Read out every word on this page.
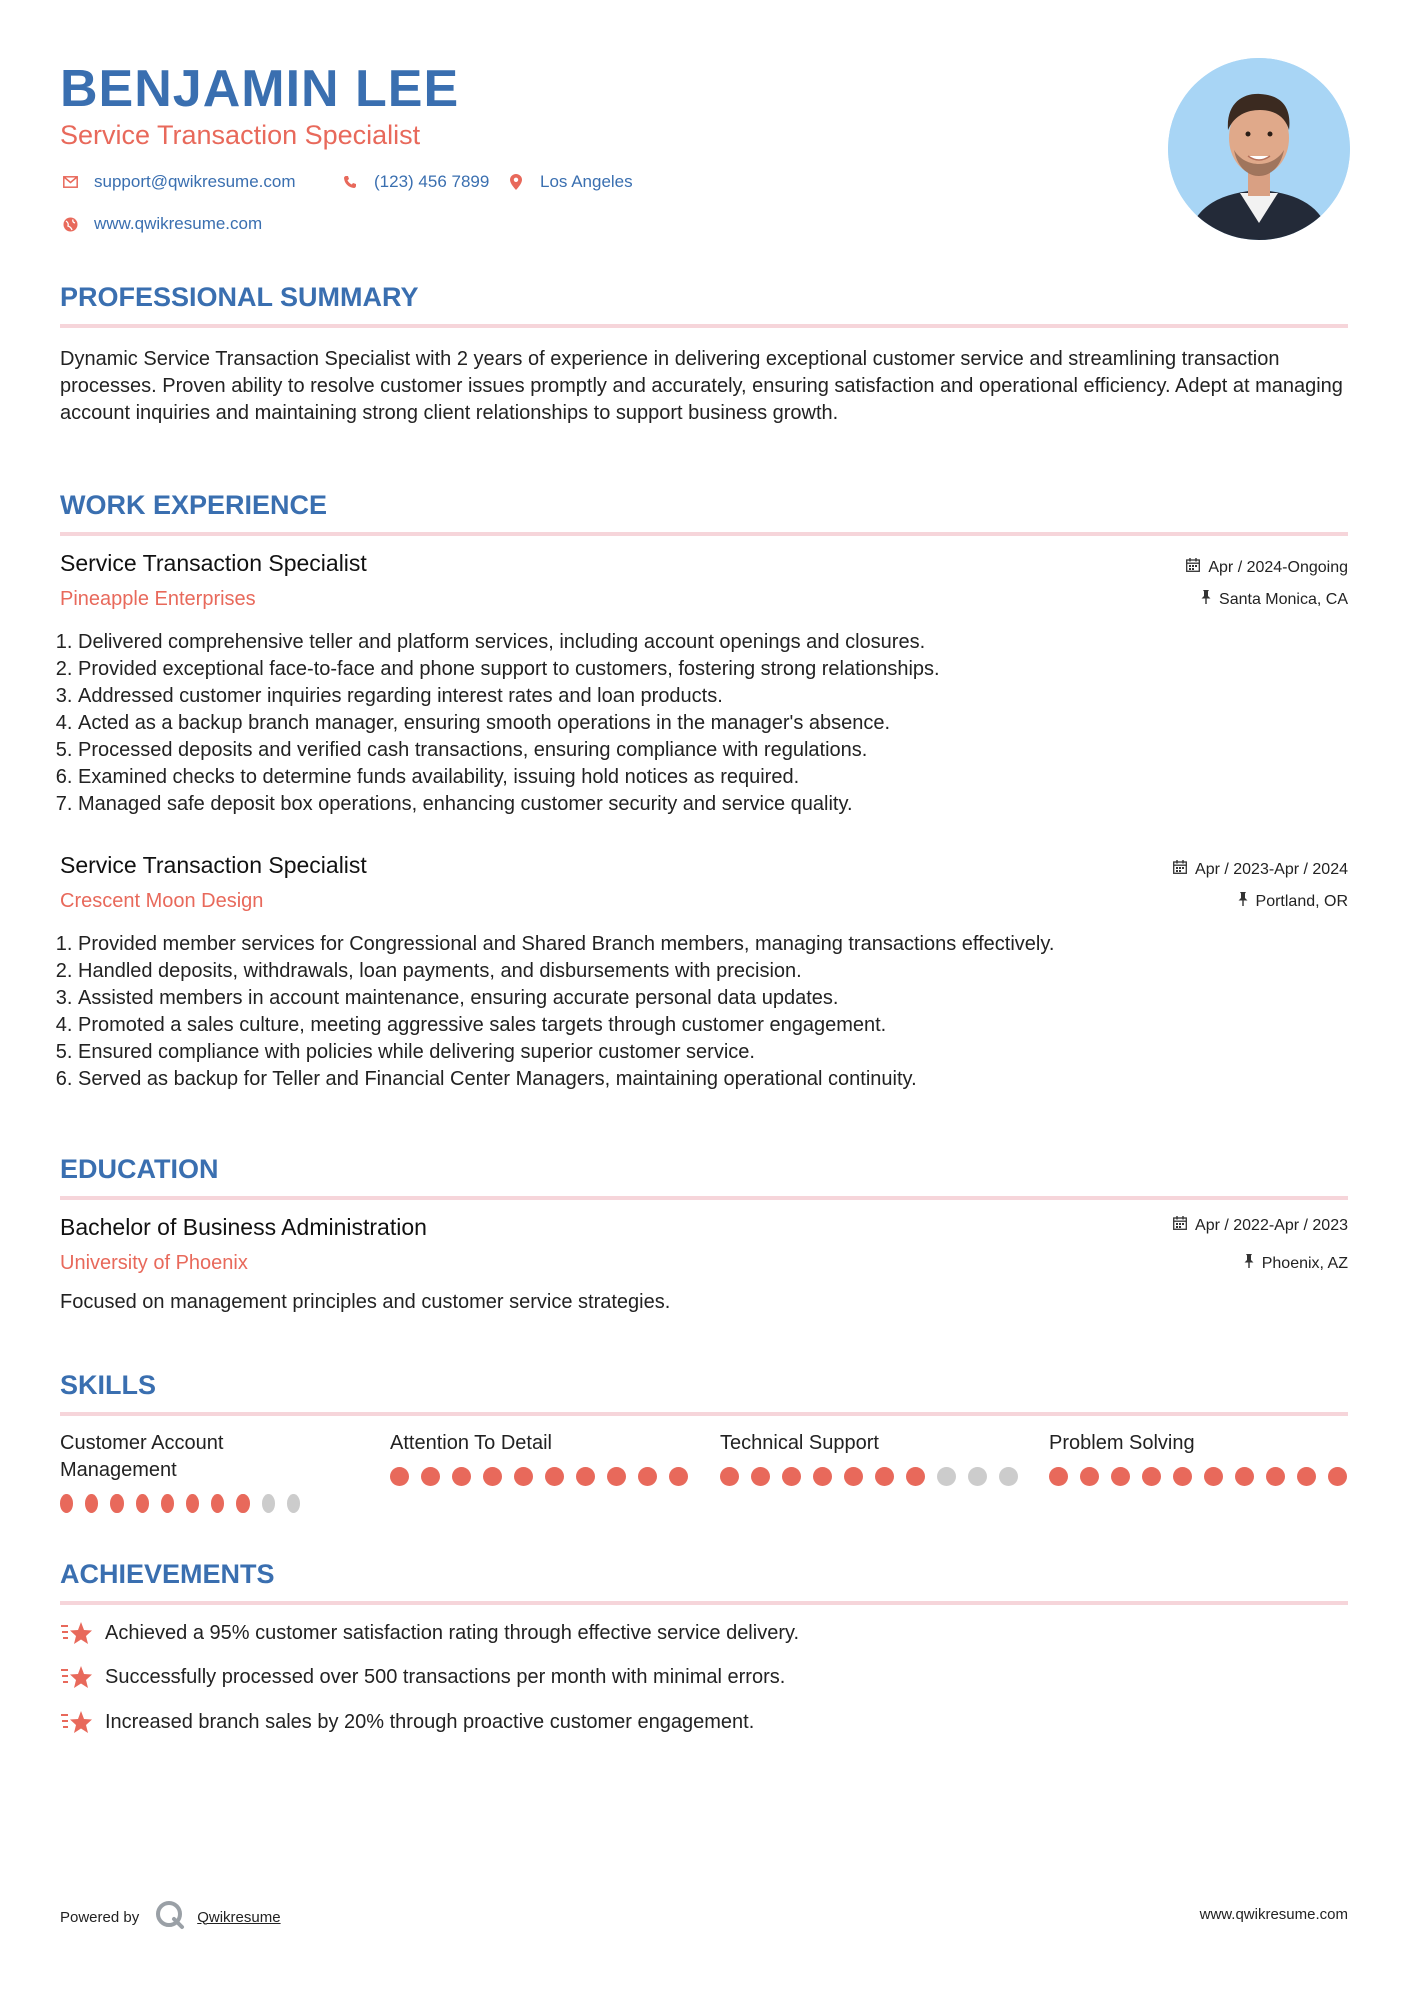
BENJAMIN LEE
Service Transaction Specialist
support@qwikresume.com	(123) 456 7899	Los Angeles
www.qwikresume.com
PROFESSIONAL SUMMARY
Dynamic Service Transaction Specialist with 2 years of experience in delivering exceptional customer service and streamlining transaction processes. Proven ability to resolve customer issues promptly and accurately, ensuring satisfaction and operational efficiency. Adept at managing account inquiries and maintaining strong client relationships to support business growth.
WORK EXPERIENCE
Service Transaction Specialist
Pineapple Enterprises
Apr / 2024-Ongoing
Santa Monica, CA
1. Delivered comprehensive teller and platform services, including account openings and closures.
2. Provided exceptional face-to-face and phone support to customers, fostering strong relationships.
3. Addressed customer inquiries regarding interest rates and loan products.
4. Acted as a backup branch manager, ensuring smooth operations in the manager's absence.
5. Processed deposits and verified cash transactions, ensuring compliance with regulations.
6. Examined checks to determine funds availability, issuing hold notices as required.
7. Managed safe deposit box operations, enhancing customer security and service quality.
Service Transaction Specialist
Crescent Moon Design
Apr / 2023-Apr / 2024
Portland, OR
1. Provided member services for Congressional and Shared Branch members, managing transactions effectively.
2. Handled deposits, withdrawals, loan payments, and disbursements with precision.
3. Assisted members in account maintenance, ensuring accurate personal data updates.
4. Promoted a sales culture, meeting aggressive sales targets through customer engagement.
5. Ensured compliance with policies while delivering superior customer service.
6. Served as backup for Teller and Financial Center Managers, maintaining operational continuity.
EDUCATION
Bachelor of Business Administration
University of Phoenix
Apr / 2022-Apr / 2023
Phoenix, AZ
Focused on management principles and customer service strategies.
SKILLS
Customer Account Management
Attention To Detail	Technical Support	Problem Solving
ACHIEVEMENTS
Achieved a 95% customer satisfaction rating through effective service delivery.
Successfully processed over 500 transactions per month with minimal errors.
Increased branch sales by 20% through proactive customer engagement.
Powered by	Qwikresume	www.qwikresume.com
